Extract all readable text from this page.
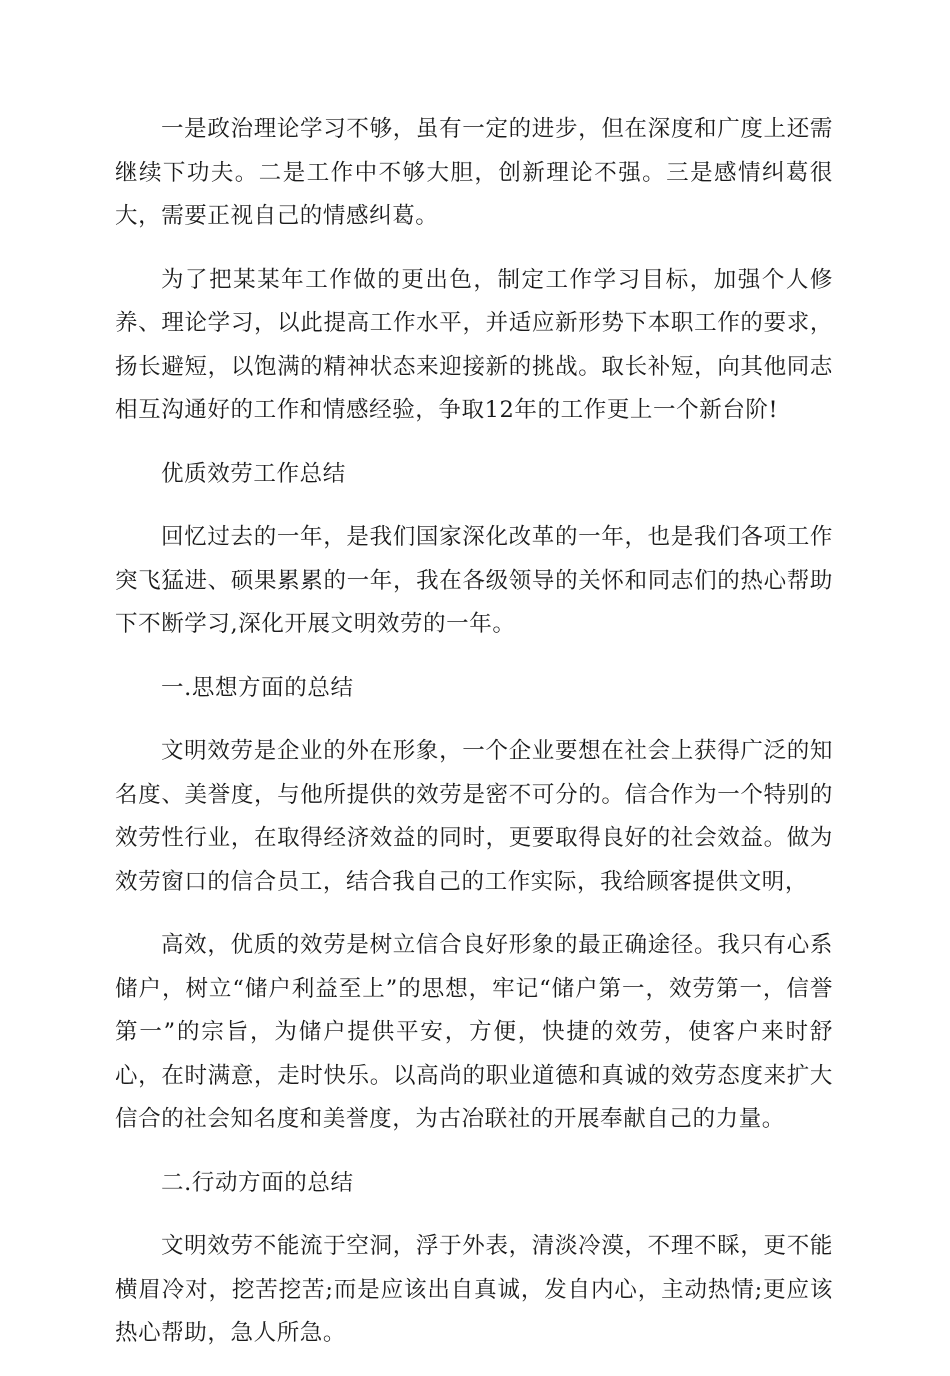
一是政治理论学习不够，虽有一定的进步，但在深度和广度上还需继续下功夫。二是工作中不够大胆，创新理论不强。三是感情纠葛很大，需要正视自己的情感纠葛。

为了把某某年工作做的更出色，制定工作学习目标，加强个人修养、理论学习，以此提高工作水平，并适应新形势下本职工作的要求，扬长避短，以饱满的精神状态来迎接新的挑战。取长补短，向其他同志相互沟通好的工作和情感经验，争取12年的工作更上一个新台阶!

优质效劳工作总结

回忆过去的一年，是我们国家深化改革的一年，也是我们各项工作突飞猛进、硕果累累的一年，我在各级领导的关怀和同志们的热心帮助下不断学习,深化开展文明效劳的一年。

一.思想方面的总结

文明效劳是企业的外在形象，一个企业要想在社会上获得广泛的知名度、美誉度，与他所提供的效劳是密不可分的。信合作为一个特别的效劳性行业，在取得经济效益的同时，更要取得良好的社会效益。做为效劳窗口的信合员工，结合我自己的工作实际，我给顾客提供文明，

高效，优质的效劳是树立信合良好形象的最正确途径。我只有心系储户，树立“储户利益至上”的思想，牢记“储户第一，效劳第一，信誉第一”的宗旨，为储户提供平安，方便，快捷的效劳，使客户来时舒心，在时满意，走时快乐。以高尚的职业道德和真诚的效劳态度来扩大信合的社会知名度和美誉度，为古冶联社的开展奉献自己的力量。

二.行动方面的总结

文明效劳不能流于空洞，浮于外表，清淡冷漠，不理不睬，更不能横眉冷对，挖苦挖苦;而是应该出自真诚，发自内心，主动热情;更应该热心帮助，急人所急。
